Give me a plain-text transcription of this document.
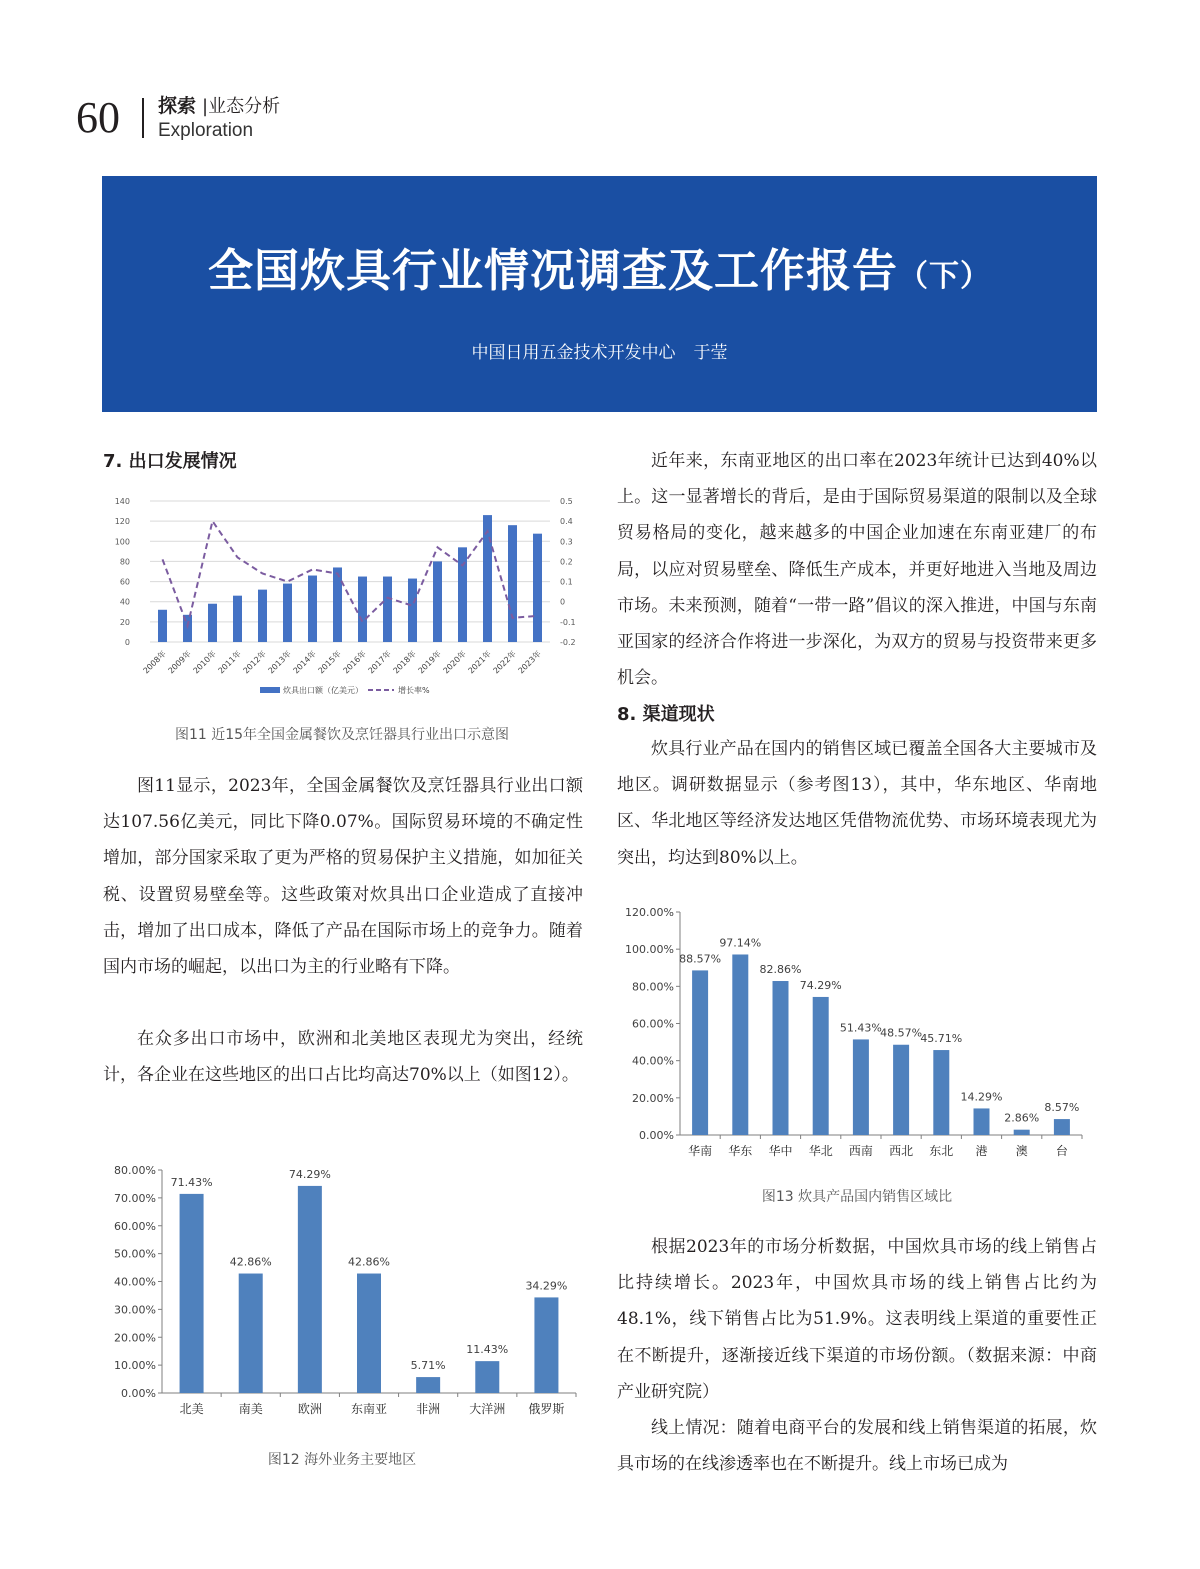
60 探索 |业态分析
Exploration
全国炊具行业情况调查及工作报告（下）
中国日用五金技术开发中心 于莹
7. 出口发展情况
0
20
40
60
80
100
120
140
-0.2
-0.1
0
0.1
0.2
0.3
0.4
0.5
2008年
2009年
2010年
2011年
2012年
2013年
2014年
2015年
2016年
2017年
2018年
2019年
2020年
2021年
2022年
2023年
炊具出口额（亿美元）	增长率%
图11 近15年全国金属餐饮及烹饪器具行业出口示意图

图11显示，2023年，全国金属餐饮及烹饪器具行业出口额达107.56亿美元，同比下降0.07%。国际贸易环境的不确定性增加，部分国家采取了更为严格的贸易保护主义措施，如加征关税、设置贸易壁垒等。这些政策对炊具出口企业造成了直接冲击，增加了出口成本，降低了产品在国际市场上的竞争力。随着国内市场的崛起，以出口为主的行业略有下降。

在众多出口市场中，欧洲和北美地区表现尤为突出，经统计，各企业在这些地区的出口占比均高达70%以上（如图12）。

0.00%
10.00%
20.00%
30.00%
40.00%
50.00%
60.00%
70.00%
80.00%
71.43%
北美
42.86%
南美
74.29%
欧洲
42.86%
东南亚
5.71%
非洲
11.43%
大洋洲
34.29%
俄罗斯
图12 海外业务主要地区

近年来，东南亚地区的出口率在2023年统计已达到40%以上。这一显著增长的背后，是由于国际贸易渠道的限制以及全球贸易格局的变化，越来越多的中国企业加速在东南亚建厂的布局，以应对贸易壁垒、降低生产成本，并更好地进入当地及周边市场。未来预测，随着“一带一路”倡议的深入推进，中国与东南亚国家的经济合作将进一步深化，为双方的贸易与投资带来更多机会。

8. 渠道现状

炊具行业产品在国内的销售区域已覆盖全国各大主要城市及地区。调研数据显示（参考图13），其中，华东地区、华南地区、华北地区等经济发达地区凭借物流优势、市场环境表现尤为突出，均达到80%以上。

0.00%
20.00%
40.00%
60.00%
80.00%
100.00%
120.00%
88.57%
华南
97.14%
华东
82.86%
华中
74.29%
华北
51.43%
西南
48.57%
西北
45.71%
东北
14.29%
港
2.86%
澳
8.57%
台
图13 炊具产品国内销售区域比

根据2023年的市场分析数据，中国炊具市场的线上销售占比持续增长。2023年，中国炊具市场的线上销售占比约为48.1%，线下销售占比为51.9%。这表明线上渠道的重要性正在不断提升，逐渐接近线下渠道的市场份额。（数据来源：中商产业研究院）

线上情况：随着电商平台的发展和线上销售渠道的拓展，炊具市场的在线渗透率也在不断提升。线上市场已成为
